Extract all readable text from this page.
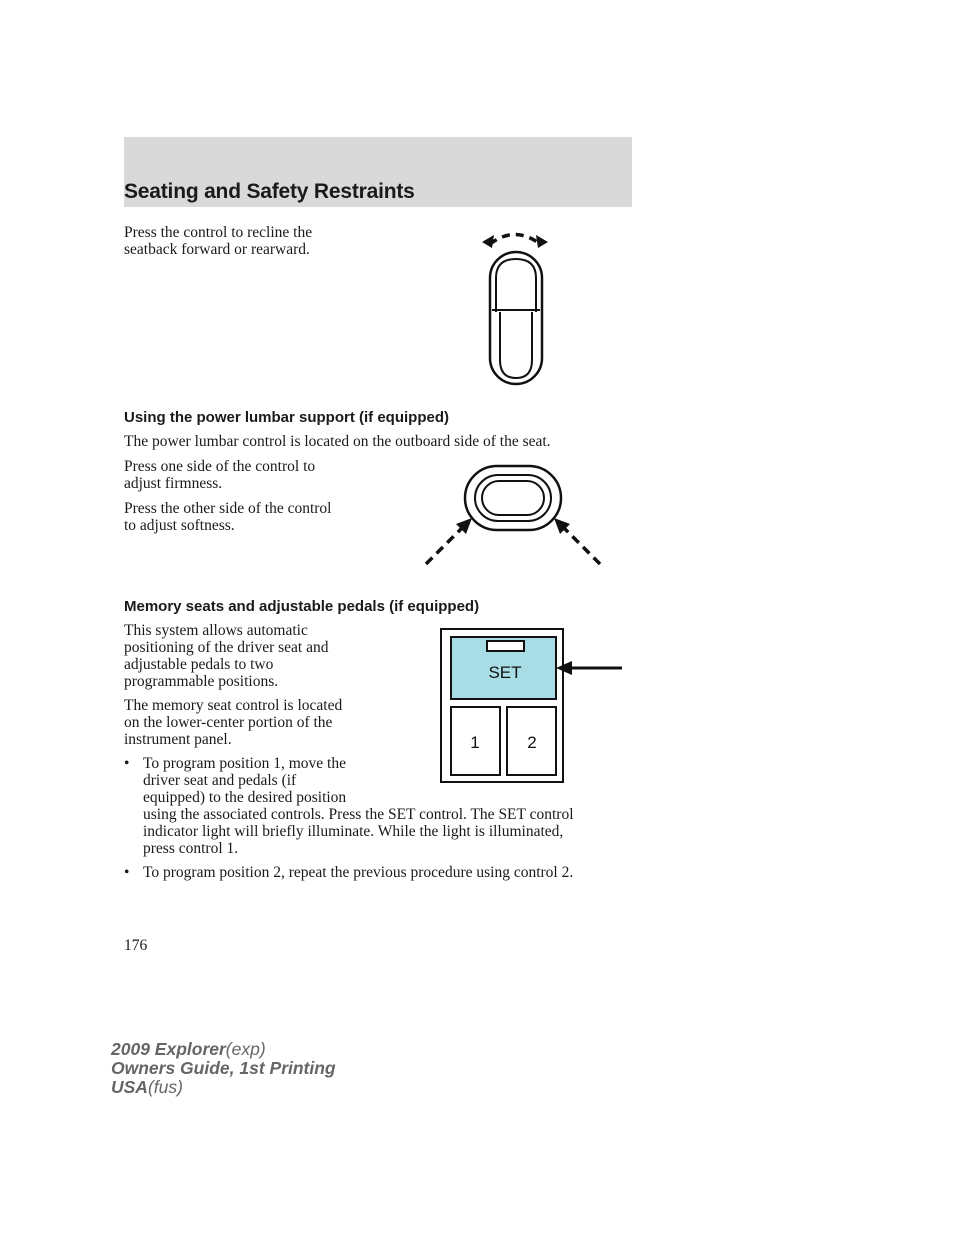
Seating and Safety Restraints

Press the control to recline the

seatback forward or rearward.

Using the power lumbar support (if equipped)

The power lumbar control is located on the outboard side of the seat.

Press one side of the control to

adjust firmness.

Press the other side of the control

to adjust softness.

Memory seats and adjustable pedals (if equipped)

This system allows automatic

positioning of the driver seat and

adjustable pedals to two

programmable positions.

The memory seat control is located

on the lower-center portion of the

instrument panel.

• To program position 1, move the
driver seat and pedals (if
equipped) to the desired position

using the associated controls. Press the SET control. The SET control

indicator light will briefly illuminate. While the light is illuminated,

press control 1.

• To program position 2, repeat the previous procedure using control 2.
SET
1	2
176
2009 Explorer(exp)
Owners Guide, 1st Printing
USA(fus)
